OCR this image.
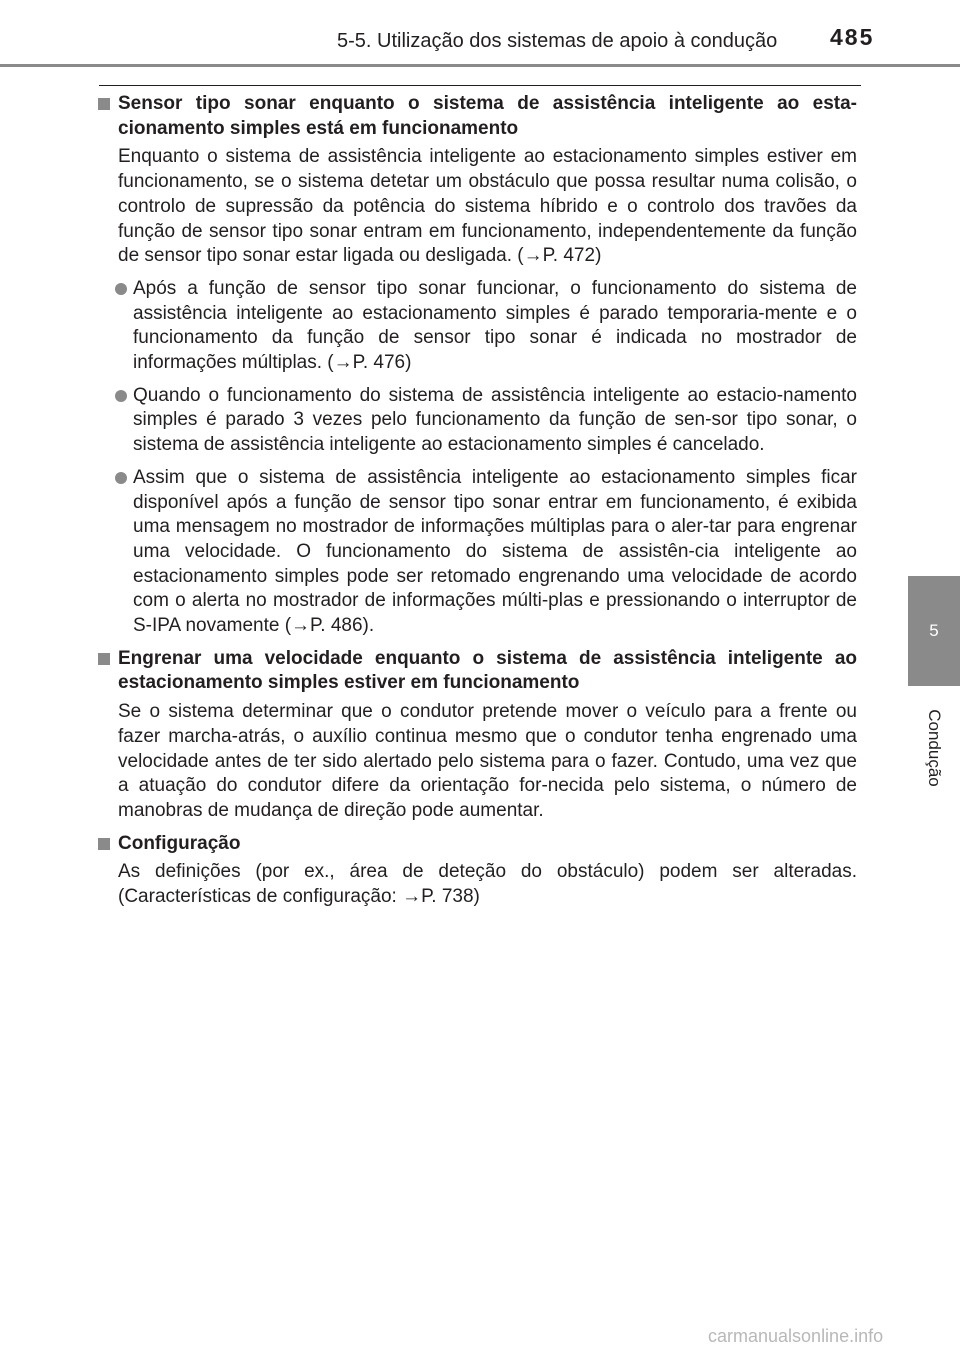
5-5. Utilização dos sistemas de apoio à condução 485
5
Condução
Sensor tipo sonar enquanto o sistema de assistência inteligente ao esta-cionamento simples está em funcionamento
Enquanto o sistema de assistência inteligente ao estacionamento simples estiver em funcionamento, se o sistema detetar um obstáculo que possa resultar numa colisão, o controlo de supressão da potência do sistema híbrido e o controlo dos travões da função de sensor tipo sonar entram em funcionamento, independentemente da função de sensor tipo sonar estar ligada ou desligada. (→P. 472)
Após a função de sensor tipo sonar funcionar, o funcionamento do sistema de assistência inteligente ao estacionamento simples é parado temporaria-mente e o funcionamento da função de sensor tipo sonar é indicada no mostrador de informações múltiplas. (→P. 476)
Quando o funcionamento do sistema de assistência inteligente ao estacio-namento simples é parado 3 vezes pelo funcionamento da função de sen-sor tipo sonar, o sistema de assistência inteligente ao estacionamento simples é cancelado.
Assim que o sistema de assistência inteligente ao estacionamento simples ficar disponível após a função de sensor tipo sonar entrar em funcionamento, é exibida uma mensagem no mostrador de informações múltiplas para o aler-tar para engrenar uma velocidade. O funcionamento do sistema de assistên-cia inteligente ao estacionamento simples pode ser retomado engrenando uma velocidade de acordo com o alerta no mostrador de informações múlti-plas e pressionando o interruptor de S-IPA novamente (→P. 486).
Engrenar uma velocidade enquanto o sistema de assistência inteligente ao estacionamento simples estiver em funcionamento
Se o sistema determinar que o condutor pretende mover o veículo para a frente ou fazer marcha-atrás, o auxílio continua mesmo que o condutor tenha engrenado uma velocidade antes de ter sido alertado pelo sistema para o fazer. Contudo, uma vez que a atuação do condutor difere da orientação for-necida pelo sistema, o número de manobras de mudança de direção pode aumentar.
Configuração
As definições (por ex., área de deteção do obstáculo) podem ser alteradas. (Características de configuração: →P. 738)
carmanualsonline.info
